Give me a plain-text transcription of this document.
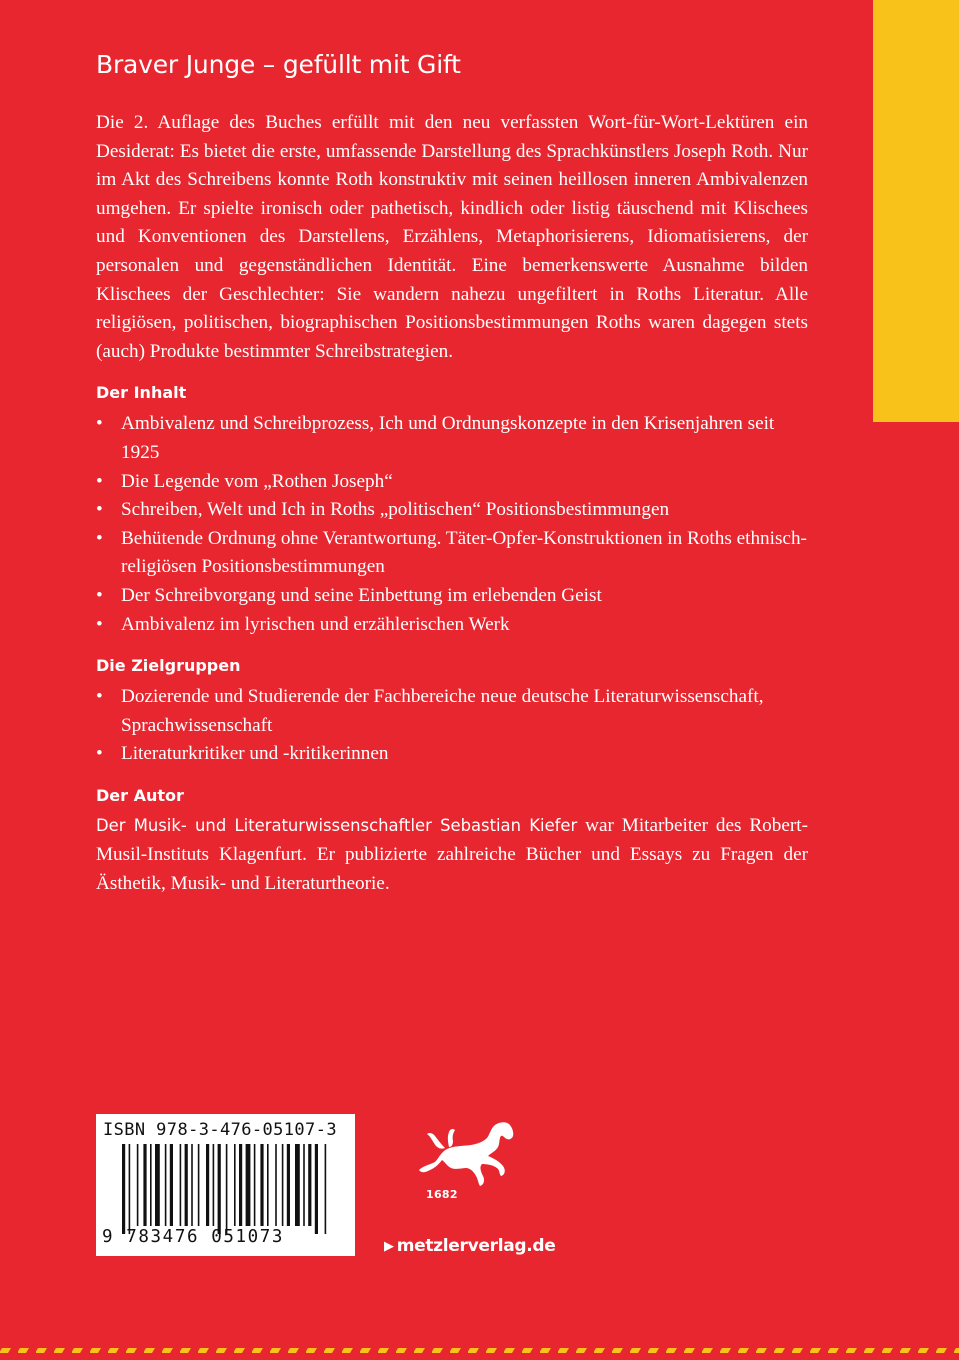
Braver Junge – gefüllt mit Gift

Die 2. Auflage des Buches erfüllt mit den neu verfassten Wort-für-Wort-Lektüren ein Desiderat: Es bietet die erste, umfassende Darstellung des Sprachkünstlers Joseph Roth. Nur im Akt des Schreibens konnte Roth konstruktiv mit seinen heillosen inneren Ambivalenzen umgehen. Er spielte ironisch oder pathetisch, kindlich oder listig täuschend mit Klischees und Konventionen des Darstellens, Erzählens, Metaphorisierens, Idiomatisierens, der personalen und gegenständlichen Identität. Eine bemerkenswerte Ausnahme bilden Klischees der Geschlechter: Sie wandern nahezu ungefiltert in Roths Literatur. Alle religiösen, politischen, biographischen Positionsbestimmungen Roths waren dagegen stets (auch) Produkte bestimmter Schreibstrategien.

Der Inhalt
• Ambivalenz und Schreibprozess, Ich und Ordnungskonzepte in den Krisenjahren seit 1925
• Die Legende vom „Rothen Joseph“
• Schreiben, Welt und Ich in Roths „politischen“ Positionsbestimmungen
• Behütende Ordnung ohne Verantwortung. Täter-Opfer-Konstruktionen in Roths ethnisch-religiösen Positionsbestimmungen
• Der Schreibvorgang und seine Einbettung im erlebenden Geist
• Ambivalenz im lyrischen und erzählerischen Werk
Die Zielgruppen
• Dozierende und Studierende der Fachbereiche neue deutsche Literaturwissenschaft, Sprachwissenschaft
• Literaturkritiker und -kritikerinnen
Der Autor

Der Musik- und Literaturwissenschaftler Sebastian Kiefer war Mitarbeiter des Robert-Musil-Instituts Klagenfurt. Er publizierte zahlreiche Bücher und Essays zu Fragen der Ästhetik, Musik- und Literaturtheorie.

ISBN 978-3-476-05107-3
9 783476 051073
1682
▶ metzlerverlag.de
